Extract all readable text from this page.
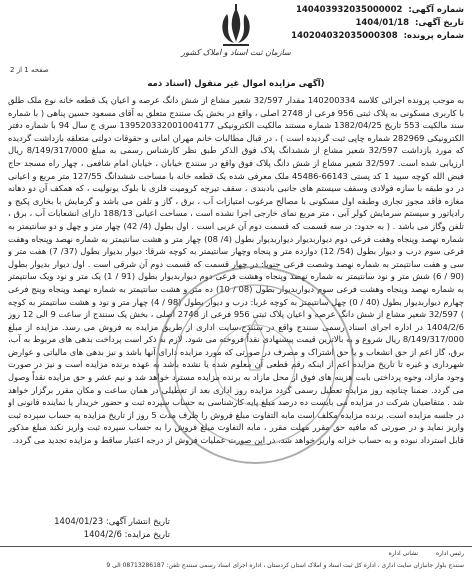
شماره آگهی: 140403932035000002
تاریخ آگهی: 1404/01/18
شماره پرونده: 140204032035000308
سازمان ثبت اسناد و املاک کشور
صفحه 1 از 2
(آگهی مزایده اموال غیر منقول (اسناد ذمه

به موجب پرونده اجرائی کلاسه 140200334 مقدار 32/597 شعیر مشاع از شش دانگ عرصه و اعیان یک قطعه خانه نوع ملک طلق با کاربری مسکونی به پلاک ثبتی 956 فرعی از 2748 اصلی ، واقع در بخش یک سنندج متعلق به آقای مسعود حسین پناهی ( با شماره سند مالکیت 553 تاریخ 1382/04/25 شماره مستند مالکیت الکترونیکی 139520332001004177 سری ج سال 94 با شماره دفتر الکترونیکی 282969 شماره چاپی ثبت گردیده است ) ، در قبال مطالبات خانم مهران امانی و حقوقات دولتی متعلقه بازداشت گردیده که مورد بازداشت 32/597 شعیر مشاع از ششدانگ پلاک فوق الذکر طبق نظر کارشناس رسمی به مبلغ 8/149/317/000 ریال ارزیابی شده است. 32/597 شعیر مشاع از شش دانگ پلاک فوق واقع در سنندج خیابان ، خیابان امام شافعی ، چهار راه مسجد حاج فیض الله کوچه سپید 1 کد پستی 66143-45486 ملک معرفی شده یک قطعه خانه با مساحت ششدانگ 127/55 متر مربع و اعیانی در دو طبقه با سازه فولادی وسقف سیستم های جانبی بادبندی ، سقف تیرچه کرومیت فلزی با بلوک یونولیت ، که همکف آن دو دهانه مغازه فاقد مجوز تجاری وطبقه اول مسکونی با مصالح مرغوب امتیازات آب ، برق ، گاز و تلفن می باشد و گرمایش با بخاری پکیج و رادیاتور و سیستم سرمایش کولر آبی ، متر مربع نمای خارجی اجرا نشده است ، مساحت اعیانی 188/13 دارای انشعابات آب ، برق ، تلفن وگاز می باشد . ( به حدود: در سه قسمت که قسمت دوم آن غربی است . اول بطول (4/ 42) چهار متر و چهل و دو سانتیمتر به شماره نهصد وپنجاه وهفت فرعی دوم دیواربدیوار دیواربدیوار بطول (4/ 08) چهار متر و هشت سانتیمتر به شماره نهصد وپنجاه وهفت فرعی سوم درب و دیوار بطول (54/ 12) دوازده متر و پنجاه وچهار سانتیمتر به کوچه شرقا: دیوار بدیوار بطول (37/ 7) هفت متر و سی و هفت سانتیمتر به شماره نهصد وشصت فرعی جنوبا: در چهار قسمت که قسمت دوم آن شرقی است . اول دیوار بدیوار بطول (90 / 6) شش متر و نود سانتیمتر به شماره نهصد وپنجاه وهشت فرعی دوم دیواربدیوار بطول (91 / 1) یک متر و نود ویک سانتیمتر به شماره نهصد وپنجاه وهشت فرعی سوم دیواربدیوار بطول (08 / 10) ده متر و هشت سانتیمتر به شماره نهصد وپنجاه وپنج فرعی چهارم دیواربدیوار بطول (40 / 0) چهل سانتیمتر به کوچه غربا: درب و دیوار بطول (98 / 4) چهار متر و نود و هشت سانتیمتر به کوچه ) 32/597 شعیر مشاع از شش دانگ عرصه و اعیان پلاک ثبتی 956 فرعی از 2748 اصلی ، بخش یک سنندج از ساعت 9 الی 12 روز 1404/2/6 در اداره اجرای اسناد رسمی سنندج واقع در سنندج،سایت اداری از طریق مزایده به فروش می رسد. مزایده از مبلغ 8/149/317/000 ریال شروع و به بالاترین قیمت پیشنهادی نقداً فروخته می شود. لازم به ذکر است پرداخت بدهی های مربوط به آب، برق، گاز اعم از حق انشعاب و یا حق اشتراک و مصرف در صورتی که مورد مزایده دارای آنها باشد و نیز بدهی های مالیاتی و عوارض شهرداری و غیره تا تاریخ مزایده اعم از اینکه رقم قطعی آن معلوم شده یا نشده باشد به عهده برنده مزایده است و نیز در صورت وجود مازاد، وجوه پرداختی بابت هزینه های فوق از محل مازاد به برنده مزایده مسترد خواهد شد و نیم عشر و حق مزایده نقداً وصول می گردد. ضمنا چنانچه روز مزایده تعطیل رسمی گردد مزایده روز اداری بعد از تعطیلی در همان ساعت و مکان مقرر برگزار خواهد شد . متقاضیان شرکت در مزایده می بایست ده درصد مبلغ پایه کارشناسی به حساب سپرده ثبت و حضور خریدار یا نماینده قانونی او در جلسه مزایده است. برنده مزایده مکلف است مابه التفاوت مبلغ فروش را ظرف مدت 5 روز از تاریخ مزایده به حساب سپرده ثبت واریز نماید و در صورتی که مافیه حق مقرر مهلت مقرر ، مابه التفاوت مبلغ فروش را به حساب سپرده ثبت واریز نکند مبلغ مذکور قابل استرداد نبوده و به حساب خزانه واریز خواهد شد. در این صورت عملیات فروش از درجه اعتبار ساقط و مزایده تجدید می گردد.

تاریخ انتشار آگهی: 1404/01/23
تاریخ مزایده: 1404/2/6
رئیس اداره نشانی اداره
سنندج بلوار جانبازان سایت اداری ، اداره کل ثبت اسناد و املاک استان کردستان ، اداره اجرای اسناد رسمی سنندج تلفن: 08713286187 الی 9
